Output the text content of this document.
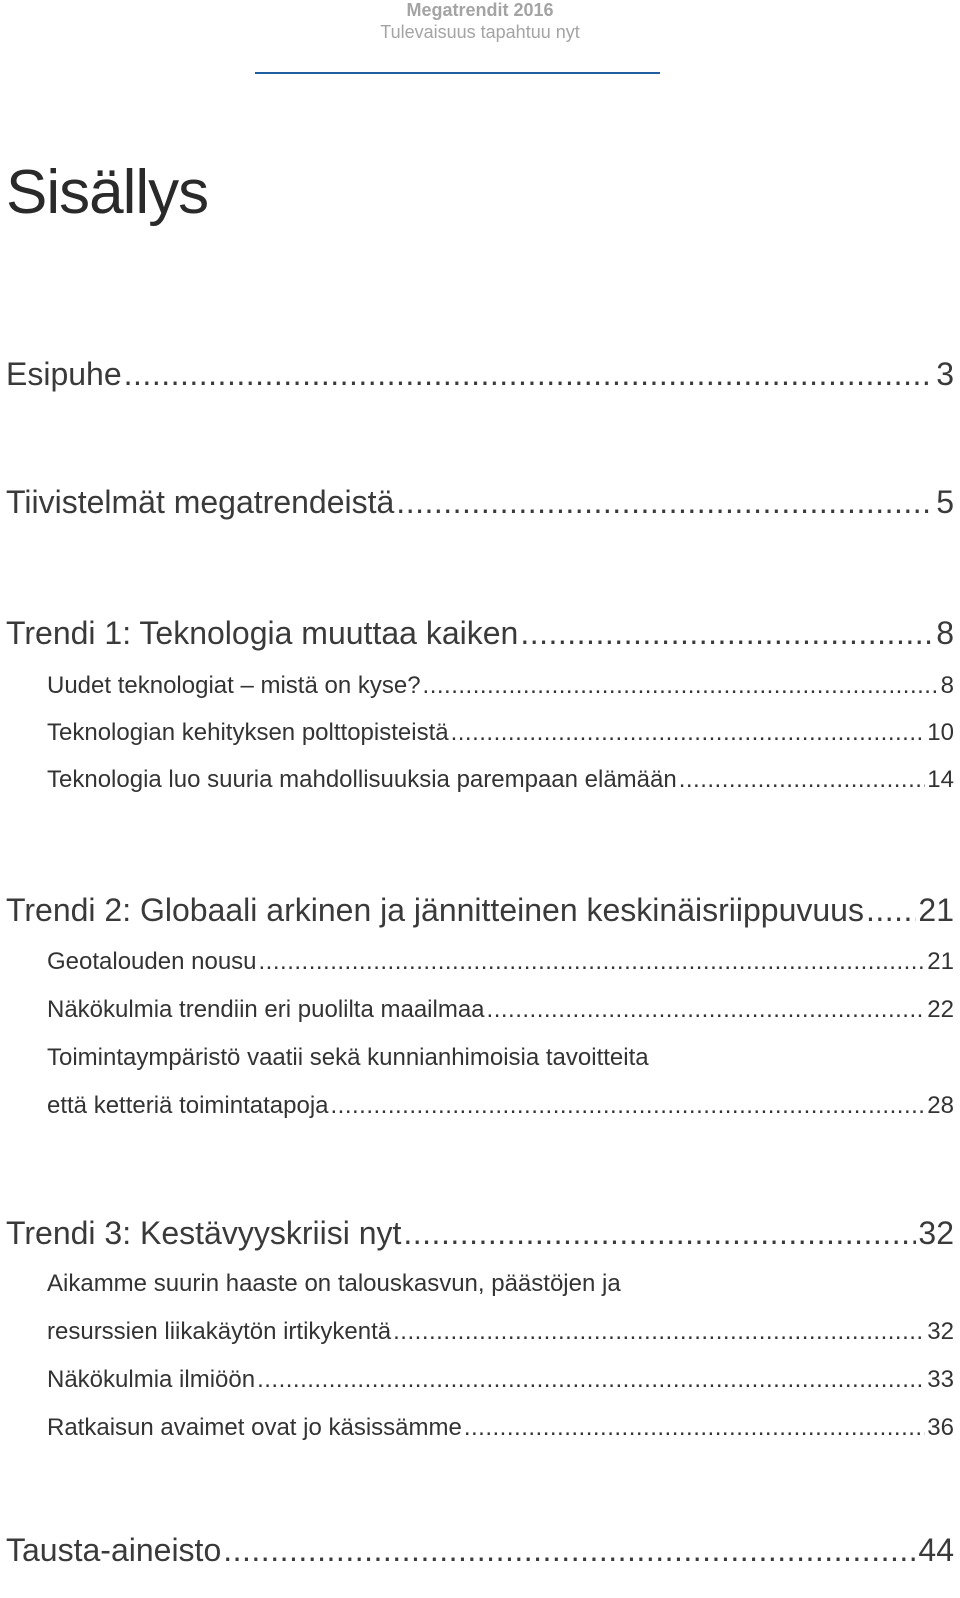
Megatrendit 2016
Tulevaisuus tapahtuu nyt
Sisällys
Esipuhe .....	3
Tiivistelmät megatrendeistä .....	5
Trendi 1: Teknologia muuttaa kaiken .....	8
Uudet teknologiat – mistä on kyse? .....	8
Teknologian kehityksen polttopisteistä .....	10
Teknologia luo suuria mahdollisuuksia parempaan elämään .....	14
Trendi 2: Globaali arkinen ja jännitteinen keskinäisriippuvuus ..... 21
Geotalouden nousu .....	21
Näkökulmia trendiin eri puolilta maailmaa .....	22
Toimintaympäristö vaatii sekä kunnianhimoisia tavoitteita
että ketteriä toimintatapoja .....	28
Trendi 3: Kestävyyskriisi nyt .....	32
Aikamme suurin haaste on talouskasvun, päästöjen ja
resurssien liikakäytön irtikykentä .....	32
Näkökulmia ilmiöön .....	33
Ratkaisun avaimet ovat jo käsissämme .....	36
Tausta-aineisto .....	44
